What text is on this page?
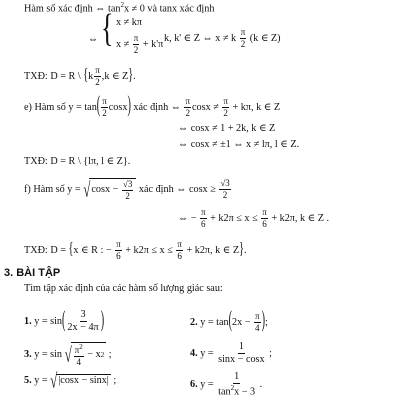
Hàm số xác định ⇔ $\tan^2x \ne 0$ và tanx xác định
⇔ { x ≠ kπ
$x \ne \frac{\pi}{2} + k'\pi$
k, k' ∈ Z ⇔ x ≠ k $\frac{\pi}{2} (k$ ∈ Z)
TXĐ: D = R \ {$k \frac{\pi}{2} ,k$ ∈ Z}.
e) Hàm số $y = \tan( \frac{\pi}{2} \cos x)$ xác định ⇔ $\frac{\pi}{2}$ $\cos x \ne \frac{\pi}{2} + k\pi$, k ∈ Z
⇔ cosx ≠ 1 + 2k, k ∈ Z
⇔ cosx ≠ ±1 ⇔ x ≠ lπ, l ∈ Z.
TXĐ: D = R \ {lπ, l ∈ Z}.
f) Hàm số y = √ cosx −
$\frac{√3}{2}$ xác định ⇔ $\cos x \ge \frac{√3}{2}$
⇔ − $\frac{\pi}{6} + k2\pi \le x \le \frac{\pi}{6} + k2\pi$, k ∈ Z .
TXĐ: D = {x ∈ R : − $\frac{\pi}{6} + k2\pi \le x \le \frac{\pi}{6} + k2\pi$, k ∈ Z}.
3. BÀI TẬP
Tìm tập xác định của các hàm số lượng giác sau:
1. $y = \sin( \frac{3}{2x - 4\pi}$ )	2. $y = \tan(2x - \frac{\pi}{4}$ );
3. y = sin √ $\frac{\pi^2}{4}$
− x 2 ;	4. $y = \frac{1}{\sin x - \cos x}$ ;
5. y = √ |cosx − sinx| ;	6. $y = \frac{1}{\tan^2x - 3}$ .
